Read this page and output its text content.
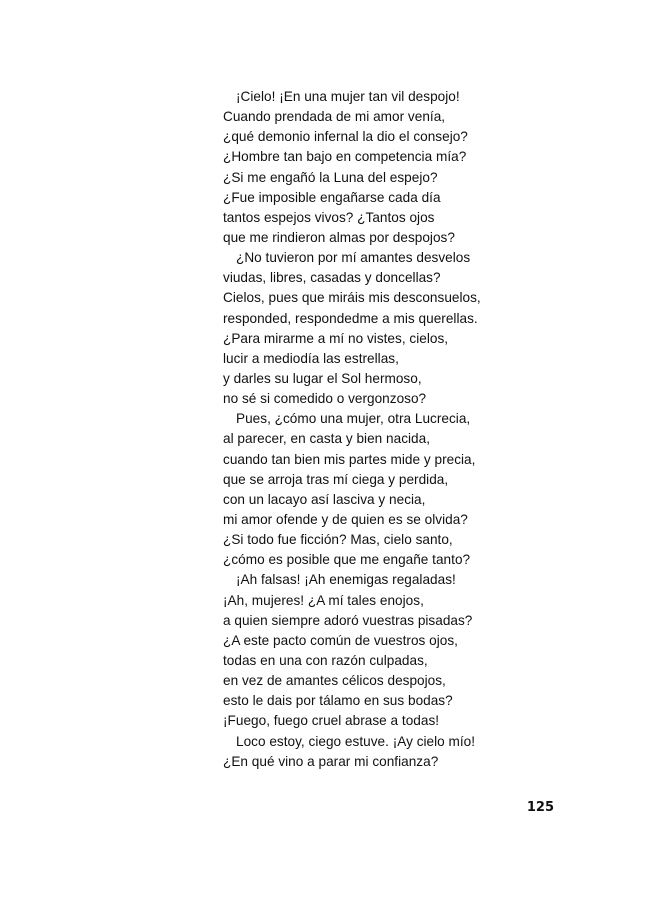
¡Cielo! ¡En una mujer tan vil despojo!
Cuando prendada de mi amor venía,
¿qué demonio infernal la dio el consejo?
¿Hombre tan bajo en competencia mía?
¿Si me engañó la Luna del espejo?
¿Fue imposible engañarse cada día
tantos espejos vivos? ¿Tantos ojos
que me rindieron almas por despojos?
¿No tuvieron por mí amantes desvelos
viudas, libres, casadas y doncellas?
Cielos, pues que miráis mis desconsuelos,
responded, respondedme a mis querellas.
¿Para mirarme a mí no vistes, cielos,
lucir a mediodía las estrellas,
y darles su lugar el Sol hermoso,
no sé si comedido o vergonzoso?
Pues, ¿cómo una mujer, otra Lucrecia,
al parecer, en casta y bien nacida,
cuando tan bien mis partes mide y precia,
que se arroja tras mí ciega y perdida,
con un lacayo así lasciva y necia,
mi amor ofende y de quien es se olvida?
¿Si todo fue ficción? Mas, cielo santo,
¿cómo es posible que me engañe tanto?
¡Ah falsas! ¡Ah enemigas regaladas!
¡Ah, mujeres! ¿A mí tales enojos,
a quien siempre adoró vuestras pisadas?
¿A este pacto común de vuestros ojos,
todas en una con razón culpadas,
en vez de amantes célicos despojos,
esto le dais por tálamo en sus bodas?
¡Fuego, fuego cruel abrase a todas!
Loco estoy, ciego estuve. ¡Ay cielo mío!
¿En qué vino a parar mi confianza?
125
